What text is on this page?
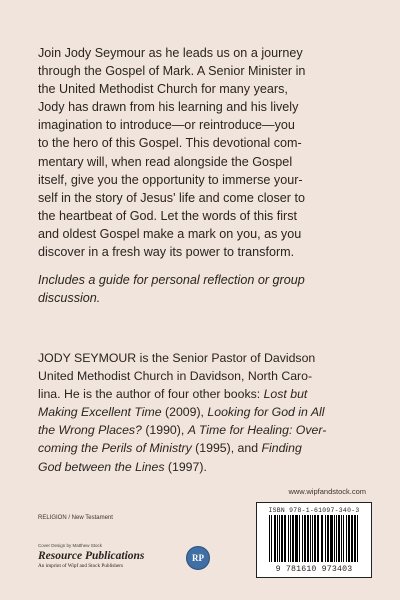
Join Jody Seymour as he leads us on a journey
through the Gospel of Mark. A Senior Minister in
the United Methodist Church for many years,
Jody has drawn from his learning and his lively
imagination to introduce—or reintroduce—you
to the hero of this Gospel. This devotional com-
mentary will, when read alongside the Gospel
itself, give you the opportunity to immerse your-
self in the story of Jesus' life and come closer to
the heartbeat of God. Let the words of this first
and oldest Gospel make a mark on you, as you
discover in a fresh way its power to transform.

Includes a guide for personal reflection or group
discussion.

JODY SEYMOUR is the Senior Pastor of Davidson
United Methodist Church in Davidson, North Caro-
lina. He is the author of four other books: Lost but
Making Excellent Time (2009), Looking for God in All
the Wrong Places? (1990), A Time for Healing: Over-
coming the Perils of Ministry (1995), and Finding
God between the Lines (1997).
www.wipfandstock.com
RELIGION / New Testament
Cover Design by Matthew Stock
Resource Publications
An imprint of Wipf and Stock Publishers
RP
ISBN 978-1-61097-340-3
9 781610 973403
